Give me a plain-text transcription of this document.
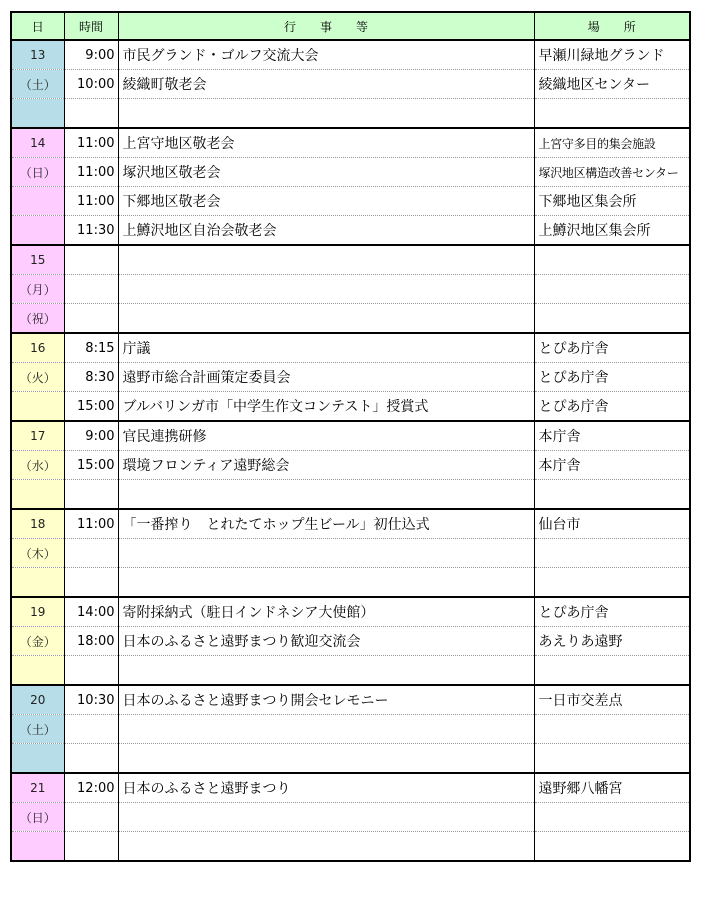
日	時間	行　　事　　等	場　　所
13	9:00	市民グランド・ゴルフ交流大会	早瀬川緑地グランド
（土）	10:00	綾織町敬老会	綾織地区センター

14	11:00	上宮守地区敬老会	上宮守多目的集会施設
（日）	11:00	塚沢地区敬老会	塚沢地区構造改善センター
	11:00	下郷地区敬老会	下郷地区集会所
	11:30	上鱒沢地区自治会敬老会	上鱒沢地区集会所
15			
（月）			
（祝）			
16	8:15	庁議	とぴあ庁舎
（火）	8:30	遠野市総合計画策定委員会	とぴあ庁舎
	15:00	ブルバリンガ市「中学生作文コンテスト」授賞式	とぴあ庁舎
17	9:00	官民連携研修	本庁舎
（水）	15:00	環境フロンティア遠野総会	本庁舎

18	11:00	「一番搾り　とれたてホップ生ビール」初仕込式	仙台市
（木）			

19	14:00	寄附採納式（駐日インドネシア大使館）	とぴあ庁舎
（金）	18:00	日本のふるさと遠野まつり歓迎交流会	あえりあ遠野

20	10:30	日本のふるさと遠野まつり開会セレモニー	一日市交差点
（土）			

21	12:00	日本のふるさと遠野まつり	遠野郷八幡宮
（日）			
